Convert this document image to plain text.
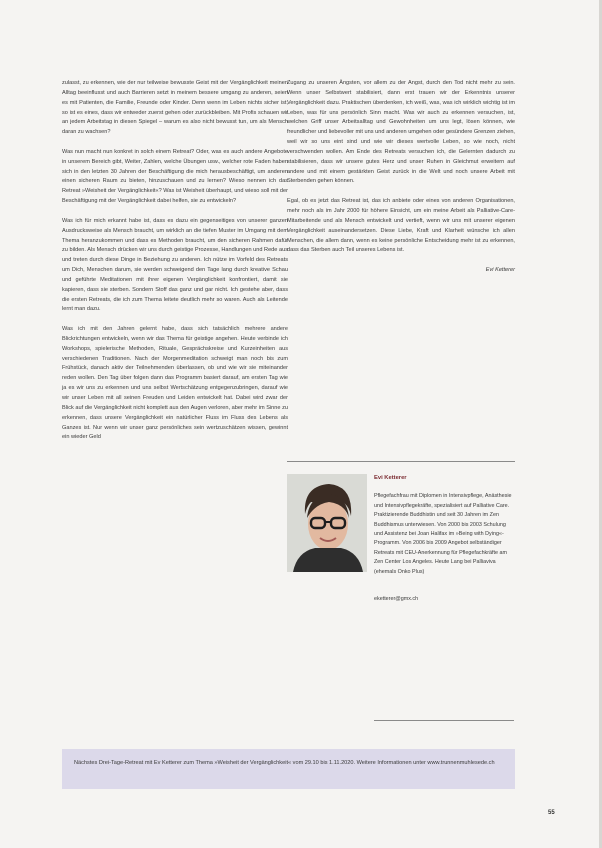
zulasst, zu erkennen, wie der nur teilweise bewusste Geist mit der Vergänglichkeit meinen Alltag beeinflusst und auch Barrieren setzt in meinem bessere umgang zu anderen, seien es mit Patienten, die Familie, Freunde oder Kinder. Denn wenn im Leben nichts sicher ist, so ist es eines, dass wir entweder zuerst gehen oder zurückbleiben. Mit Profis schauen wir an jedem Arbeitstag in diesen Spiegel – warum es also nicht bewusst tun, um als Mensch daran zu wachsen?

Was nun macht nun konkret in solch einem Retreat? Oder, was es auch andere Angebote in unserem Bereich gibt, Weiter, Zahlen, welche Übungen usw., welcher rote Faden haben sich in den letzten 30 Jahren der Beschäftigung die mich herausbeschäftigt, um anderen einen sicheren Raum zu bieten, hinzuschauen und zu lernen? Wieso nennen ich das Retreat »Weisheit der Vergänglichkeit«? Was ist Weisheit überhaupt, und wieso soll mit der Beschäftigung mit der Vergänglichkeit dabei helfen, sie zu entwickeln?

Was ich für mich erkannt habe ist, dass es dazu ein gegenseitiges von unserer ganzen Ausdrucksweise als Mensch braucht, um wirklich an die tiefen Muster im Umgang mit dem Thema heranzukommen und dass es Methoden braucht, um den sicheren Rahmen dafür zu bilden. Als Mensch drücken wir uns durch geistige Prozesse, Handlungen und Rede aus und treten durch diese Dinge in Beziehung zu anderen. Ich nütze im Vorfeld des Retreats um Dich, Menschen darum, sie werden schweigend den Tage lang durch kreative Schau und geführte Meditationen mit ihrer eigenen Vergänglichkeit konfrontiert, damit sie kapieren, dass sie sterben. Sondern Stoff das ganz und gar nicht. Ich gestehe aber, dass die ersten Retreats, die ich zum Thema leitete deutlich mehr so waren. Auch als Leitende lernt man dazu.

Was ich mit den Jahren gelernt habe, dass sich tatsächlich mehrere andere Blickrichtungen entwickeln, wenn wir das Thema für geistige angehen. Heute verbinde ich Workshops, spielerische Methoden, Rituale, Gesprächskreise und Kurzeinheiten aus verschiedenen Traditionen. Nach der Morgenmeditation schweigt man noch bis zum Frühstück, danach aktiv der Teilnehmenden überlassen, ob und wie wir sie miteinander reden wollen. Den Tag über folgen dann das Programm basiert darauf, am ersten Tag wie ja es wir uns zu erkennen und uns selbst Wertschätzung entgegenzubringen, darauf wie wir unser Leben mit all seinen Freuden und Leiden entwickelt hat. Dabei wird zwar der Blick auf die Vergänglichkeit nicht komplett aus den Augen verloren, aber mehr im Sinne zu erkennen, dass unsere Vergänglichkeit ein natürlicher Fluss im Fluss des Lebens als Ganzes ist. Nur wenn wir unser ganz persönliches sein wertzuschätzen wissen, gewinnt ein wieder Geld

Zugang zu unseren Ängsten, vor allem zu der Angst, durch den Tod nicht mehr zu sein. Wenn unser Selbstwert stabilisiert, dann erst trauen wir der Erkenntnis unserer Vergänglichkeit dazu. Praktischen überdenken, ich weiß, was, was ich wirklich wichtig ist im Leben, was für uns persönlich Sinn macht. Was wir auch zu erkennen versuchen, ist, welchen Griff unser Arbeitsalltag und Gewohnheiten um uns legt, lösen können, wie freundlicher und liebevoller mit uns und anderen umgehen oder gesündere Grenzen ziehen, weil wir so uns eint sind und wie wir dieses wertvolle Leben, so wie noch, nicht verschwenden wollen. Am Ende des Retreats versuchen ich, die Gelernten dadurch zu stabilisieren, dass wir unsere gutes Herz und unser Ruhen in Gleichmut erweitern auf andere und mit einem gestärkten Geist zurück in die Welt und noch unsere Arbeit mit Sterbenden gehen können.

Egal, ob es jetzt das Retreat ist, das ich anbiete oder eines von anderen Organisationen, mehr noch als im Jahr 2000 für höhere Einsicht, um ein meine Arbeit als Palliative-Care-Mitarbeitende und als Mensch entwickelt und vertieft, wenn wir uns mit unserer eigenen Vergänglichkeit auseinandersetzen. Diese Liebe, Kraft und Klarheit wünsche ich allen Menschen, die allem dann, wenn es keine persönliche Entscheidung mehr ist zu erkennen, dass das Sterben auch Teil unseres Lebens ist.

Evi Ketterer
Evi Ketterer
Pflegefachfrau mit Diplomen in Intensivpflege, Anästhesie und Intensivpflegekräfte, spezialisiert auf Palliative Care. Praktizierende Buddhistin und seit 30 Jahren im Zen Buddhismus unterwiesen. Von 2000 bis 2003 Schulung und Assistenz bei Joan Halifax im »Being with Dying«-Programm. Von 2006 bis 2009 Angebot selbständiger Retreats mit CEU-Anerkennung für Pflegefachkräfte am Zen Center Los Angeles. Heute Lang bei Palliaviva (ehemals Onko Plus)
eketterer@gmx.ch

Nächstes Drei-Tage-Retreat mit Ev Ketterer zum Thema »Weisheit der Vergänglichkeit« vom 29.10 bis 1.11.2020. Weitere Informationen unter www.trunnenmuhlesede.ch

55
